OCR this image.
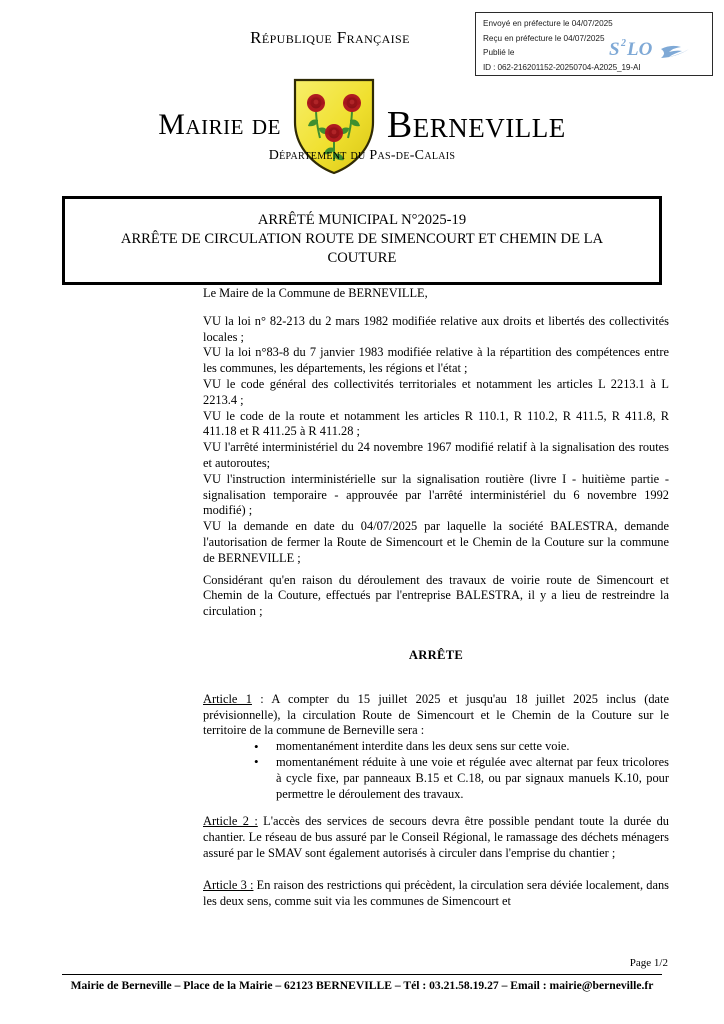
Envoyé en préfecture le 04/07/2025
Reçu en préfecture le 04/07/2025
Publié le
ID : 062-216201152-20250704-A2025_19-AI
S 2 LO
République Française
Mairie de	Berneville
Département du Pas-de-Calais
ARRÊTÉ MUNICIPAL N°2025-19
ARRÊTE DE CIRCULATION ROUTE DE SIMENCOURT ET CHEMIN DE LA
COUTURE

Le Maire de la Commune de BERNEVILLE,

VU la loi n° 82-213 du 2 mars 1982 modifiée relative aux droits et libertés des collectivités locales ;

VU la loi n°83-8 du 7 janvier 1983 modifiée relative à la répartition des compétences entre les communes, les départements, les régions et l'état ;

VU le code général des collectivités territoriales et notamment les articles L 2213.1 à L 2213.4 ;

VU le code de la route et notamment les articles R 110.1, R 110.2, R 411.5, R 411.8, R 411.18 et R 411.25 à R 411.28 ;

VU l'arrêté interministériel du 24 novembre 1967 modifié relatif à la signalisation des routes et autoroutes;

VU l'instruction interministérielle sur la signalisation routière (livre I - huitième partie - signalisation temporaire - approuvée par l'arrêté interministériel du 6 novembre 1992 modifié) ;

VU la demande en date du 04/07/2025 par laquelle la société BALESTRA, demande l'autorisation de fermer la Route de Simencourt et le Chemin de la Couture sur la commune de BERNEVILLE ;

Considérant qu'en raison du déroulement des travaux de voirie route de Simencourt et Chemin de la Couture, effectués par l'entreprise BALESTRA, il y a lieu de restreindre la circulation ;

ARRÊTE

Article 1 : A compter du 15 juillet 2025 et jusqu'au 18 juillet 2025 inclus (date prévisionnelle), la circulation Route de Simencourt et le Chemin de la Couture sur le territoire de la commune de Berneville sera :

• momentanément interdite dans les deux sens sur cette voie.
• momentanément réduite à une voie et régulée avec alternat par feux tricolores à cycle fixe, par panneaux B.15 et C.18, ou par signaux manuels K.10, pour permettre le déroulement des travaux.

Article 2 : L'accès des services de secours devra être possible pendant toute la durée du chantier. Le réseau de bus assuré par le Conseil Régional, le ramassage des déchets ménagers assuré par le SMAV sont également autorisés à circuler dans l'emprise du chantier ;

Article 3 : En raison des restrictions qui précèdent, la circulation sera déviée localement, dans les deux sens, comme suit via les communes de Simencourt et

Page 1/2
Mairie de Berneville – Place de la Mairie – 62123 BERNEVILLE – Tél : 03.21.58.19.27 – Email : mairie@berneville.fr
